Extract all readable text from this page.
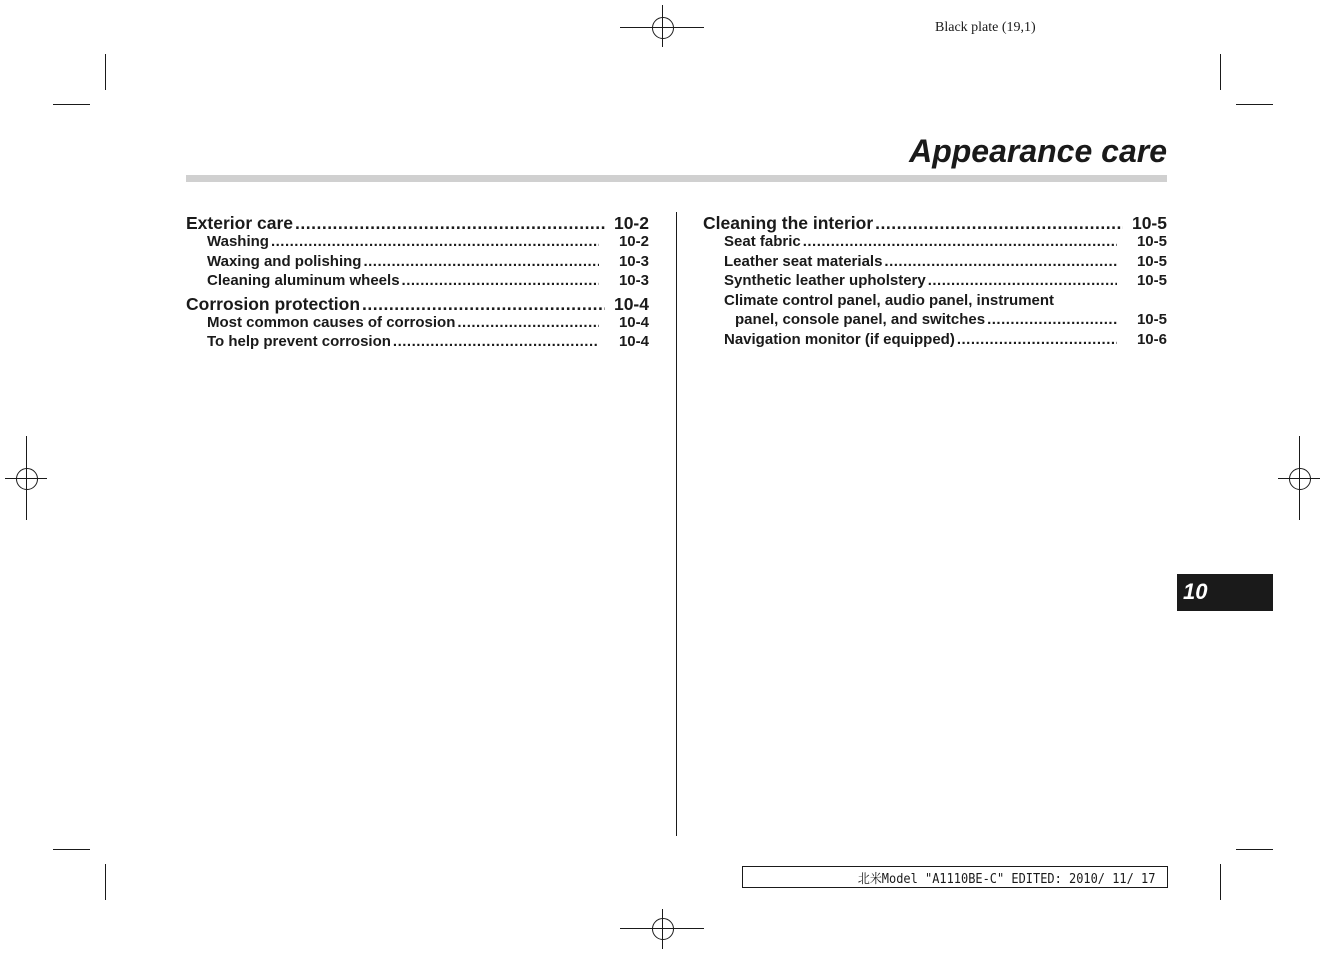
Black plate (19,1)
Appearance care
Exterior care .....	10-2
Washing .....	10-2
Waxing and polishing .....	10-3
Cleaning aluminum wheels .....	10-3
Corrosion protection .....	10-4
Most common causes of corrosion .....	10-4
To help prevent corrosion .....	10-4
Cleaning the interior .....	10-5
Seat fabric .....	10-5
Leather seat materials .....	10-5
Synthetic leather upholstery .....	10-5
Climate control panel, audio panel, instrument
panel, console panel, and switches .....	10-5
Navigation monitor (if equipped) .....	10-6
10
北米Model "A1110BE-C" EDITED: 2010/ 11/ 17
